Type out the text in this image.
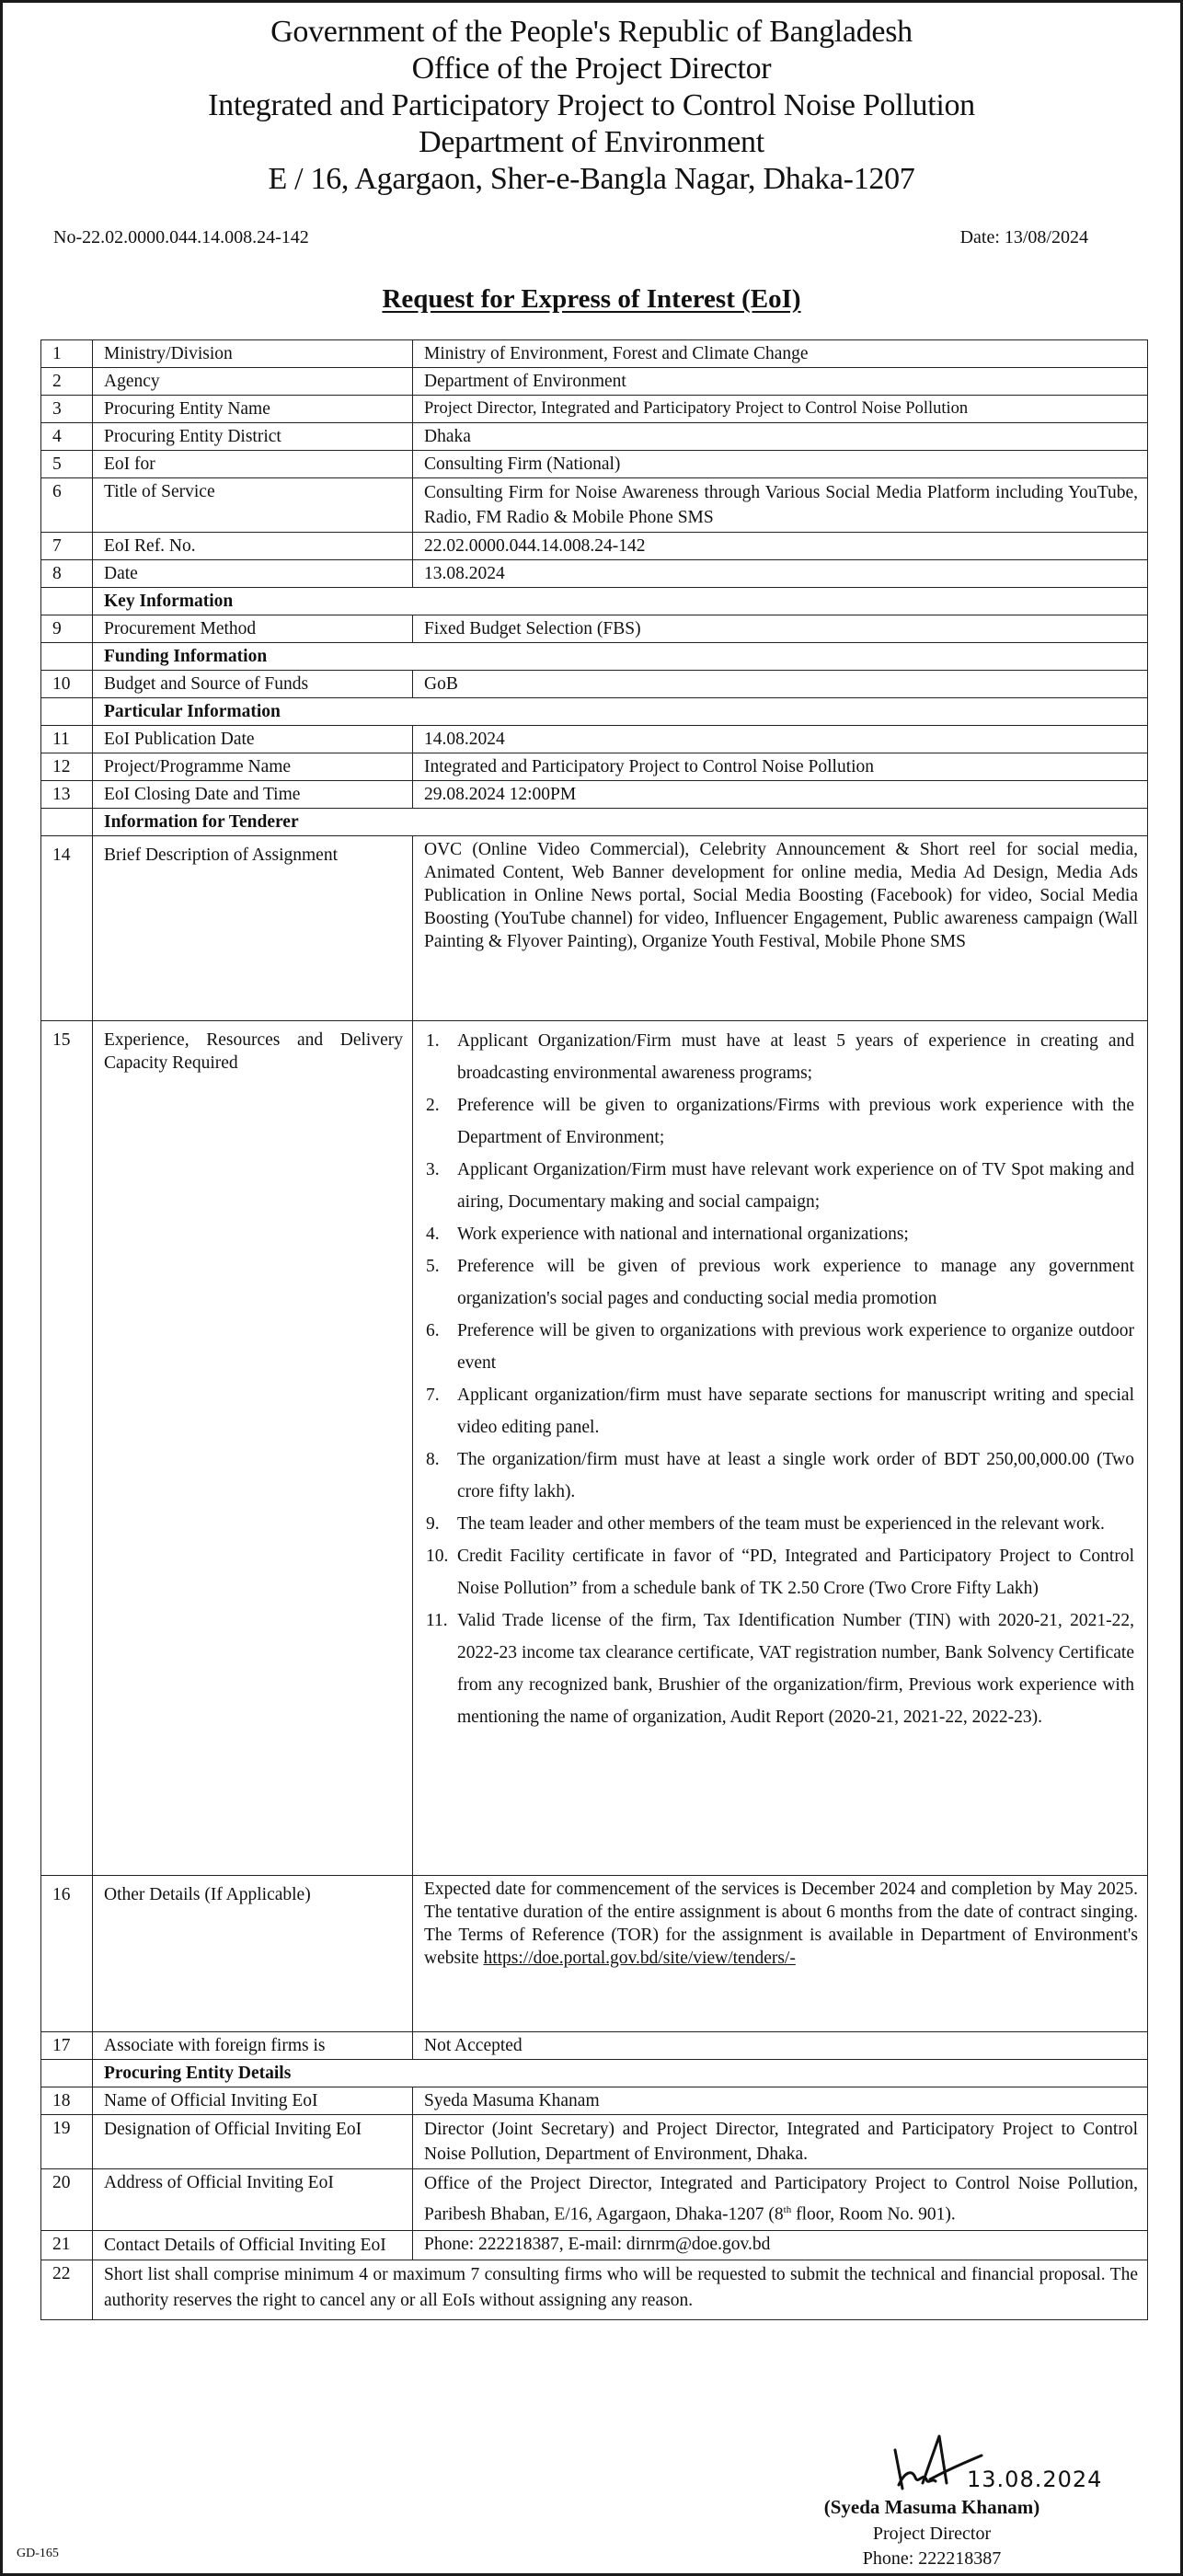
Government of the People's Republic of Bangladesh
Office of the Project Director
Integrated and Participatory Project to Control Noise Pollution
Department of Environment
E / 16, Agargaon, Sher-e-Bangla Nagar, Dhaka-1207
No-22.02.0000.044.14.008.24-142	Date: 13/08/2024
Request for Express of Interest (EoI)
1	Ministry/Division	Ministry of Environment, Forest and Climate Change
2	Agency	Department of Environment
3	Procuring Entity Name	Project Director, Integrated and Participatory Project to Control Noise Pollution
4	Procuring Entity District	Dhaka
5	EoI for	Consulting Firm (National)
6	Title of Service	Consulting Firm for Noise Awareness through Various Social Media Platform including YouTube, Radio, FM Radio & Mobile Phone SMS
7	EoI Ref. No.	22.02.0000.044.14.008.24-142
8	Date	13.08.2024
	Key Information	
9	Procurement Method	Fixed Budget Selection (FBS)
	Funding Information	
10	Budget and Source of Funds	GoB
	Particular Information	
11	EoI Publication Date	14.08.2024
12	Project/Programme Name	Integrated and Participatory Project to Control Noise Pollution
13	EoI Closing Date and Time	29.08.2024 12:00PM
	Information for Tenderer	
14	Brief Description of Assignment	OVC (Online Video Commercial), Celebrity Announcement & Short reel for social media, Animated Content, Web Banner development for online media, Media Ad Design, Media Ads Publication in Online News portal, Social Media Boosting (Facebook) for video, Social Media Boosting (YouTube channel) for video, Influencer Engagement, Public awareness campaign (Wall Painting & Flyover Painting), Organize Youth Festival, Mobile Phone SMS
15	Experience, Resources and Delivery Capacity Required	
1. Applicant Organization/Firm must have at least 5 years of experience in creating and broadcasting environmental awareness programs;
2. Preference will be given to organizations/Firms with previous work experience with the Department of Environment;
3. Applicant Organization/Firm must have relevant work experience on of TV Spot making and airing, Documentary making and social campaign;
4. Work experience with national and international organizations;
5. Preference will be given of previous work experience to manage any government organization's social pages and conducting social media promotion
6. Preference will be given to organizations with previous work experience to organize outdoor event
7. Applicant organization/firm must have separate sections for manuscript writing and special video editing panel.
8. The organization/firm must have at least a single work order of BDT 250,00,000.00 (Two crore fifty lakh).
9. The team leader and other members of the team must be experienced in the relevant work.
10. Credit Facility certificate in favor of “PD, Integrated and Participatory Project to Control Noise Pollution” from a schedule bank of TK 2.50 Crore (Two Crore Fifty Lakh)
11. Valid Trade license of the firm, Tax Identification Number (TIN) with 2020-21, 2021-22, 2022-23 income tax clearance certificate, VAT registration number, Bank Solvency Certificate from any recognized bank, Brushier of the organization/firm, Previous work experience with mentioning the name of organization, Audit Report (2020-21, 2021-22, 2022-23).

16	Other Details (If Applicable)	Expected date for commencement of the services is December 2024 and completion by May 2025. The tentative duration of the entire assignment is about 6 months from the date of contract singing. The Terms of Reference (TOR) for the assignment is available in Department of Environment's website https://doe.portal.gov.bd/site/view/tenders/-
17	Associate with foreign firms is	Not Accepted
	Procuring Entity Details	
18	Name of Official Inviting EoI	Syeda Masuma Khanam
19	Designation of Official Inviting EoI	Director (Joint Secretary) and Project Director, Integrated and Participatory Project to Control Noise Pollution, Department of Environment, Dhaka.
20	Address of Official Inviting EoI	Office of the Project Director, Integrated and Participatory Project to Control Noise Pollution, Paribesh Bhaban, E/16, Agargaon, Dhaka-1207 (8th floor, Room No. 901).
21	Contact Details of Official Inviting EoI	Phone: 222218387, E-mail: dirnrm@doe.gov.bd
22	Short list shall comprise minimum 4 or maximum 7 consulting firms who will be requested to submit the technical and financial proposal. The authority reserves the right to cancel any or all EoIs without assigning any reason.	
13.08.2024
(Syeda Masuma Khanam)
Project Director
Phone: 222218387
GD-165
